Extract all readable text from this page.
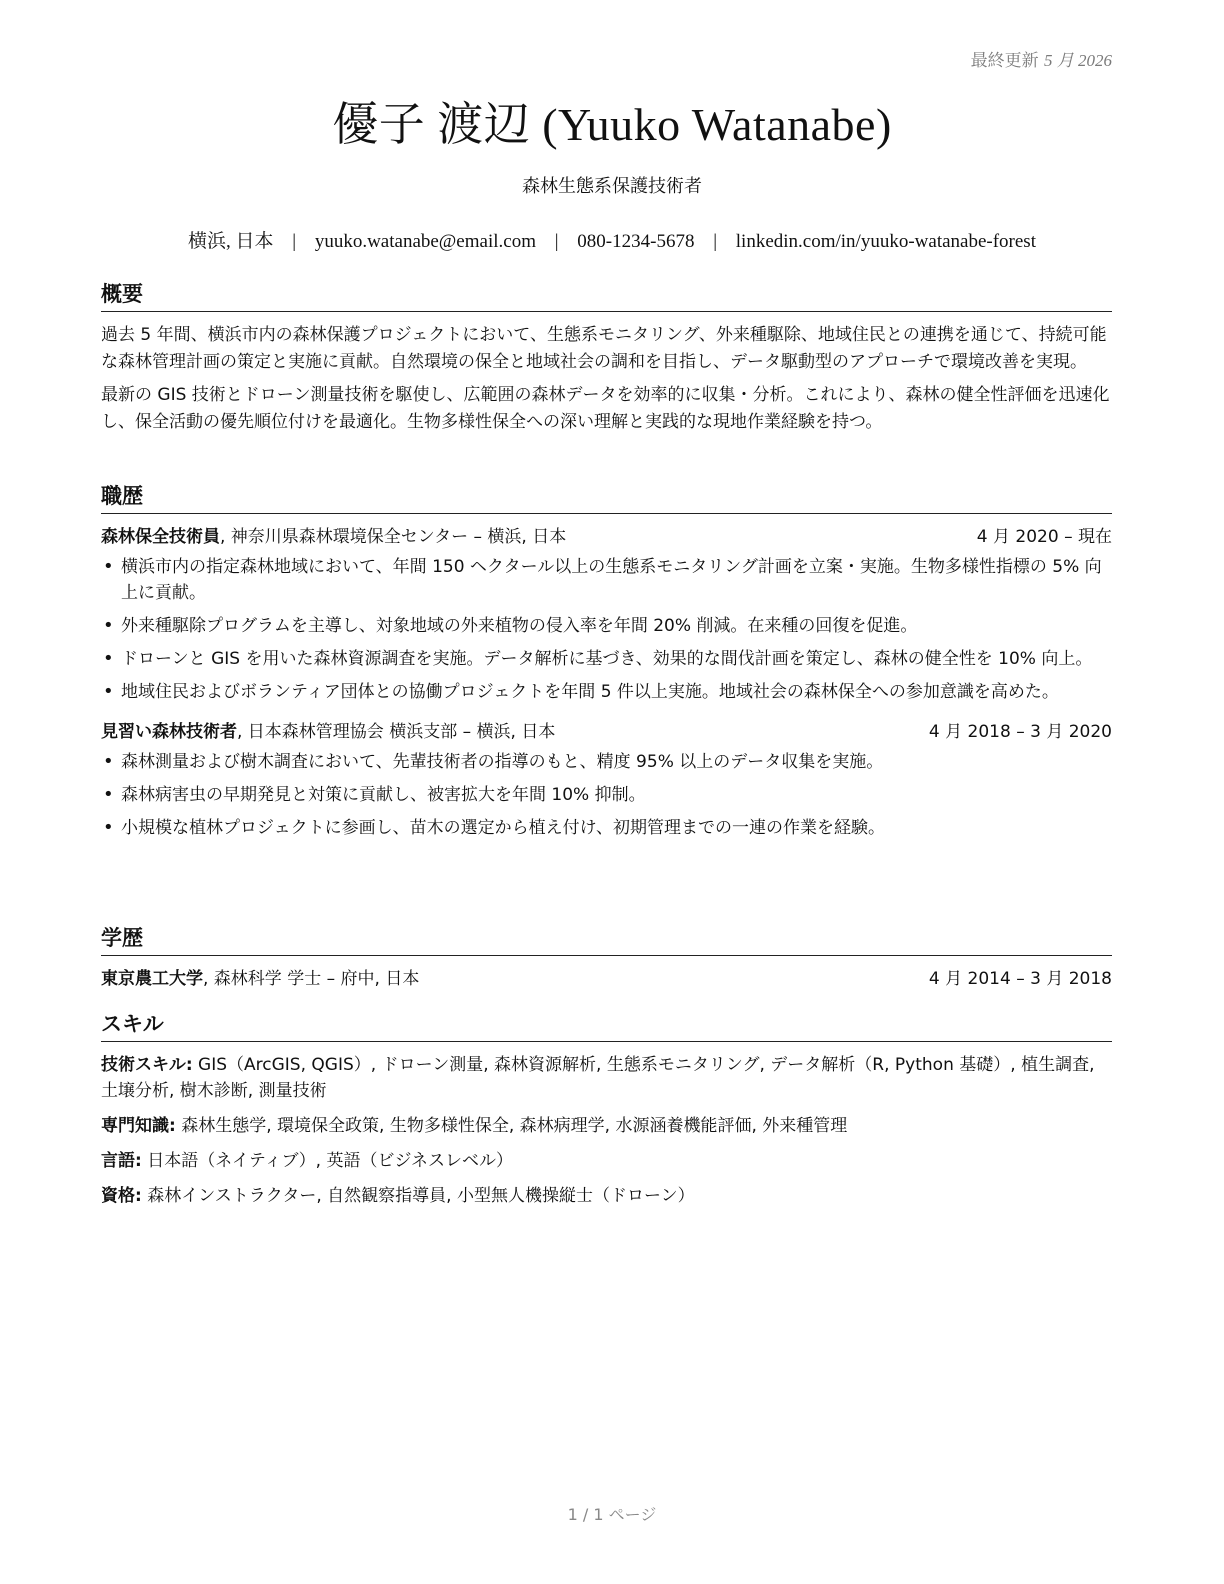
最終更新 5 月 2026
優子 渡辺 (Yuuko Watanabe)
森林生態系保護技術者
横浜, 日本 | yuuko.watanabe@email.com | 080-1234-5678 | linkedin.com/in/yuuko-watanabe-forest
概要

過去 5 年間、横浜市内の森林保護プロジェクトにおいて、生態系モニタリング、外来種駆除、地域住民との連携を通じて、持続可能な森林管理計画の策定と実施に貢献。自然環境の保全と地域社会の調和を目指し、データ駆動型のアプローチで環境改善を実現。

最新の GIS 技術とドローン測量技術を駆使し、広範囲の森林データを効率的に収集・分析。これにより、森林の健全性評価を迅速化し、保全活動の優先順位付けを最適化。生物多様性保全への深い理解と実践的な現地作業経験を持つ。

職歴
森林保全技術員, 神奈川県森林環境保全センター – 横浜, 日本	4 月 2020 – 現在
• 横浜市内の指定森林地域において、年間 150 ヘクタール以上の生態系モニタリング計画を立案・実施。生物多様性指標の 5% 向上に貢献。
• 外来種駆除プログラムを主導し、対象地域の外来植物の侵入率を年間 20% 削減。在来種の回復を促進。
• ドローンと GIS を用いた森林資源調査を実施。データ解析に基づき、効果的な間伐計画を策定し、森林の健全性を 10% 向上。
• 地域住民およびボランティア団体との協働プロジェクトを年間 5 件以上実施。地域社会の森林保全への参加意識を高めた。
見習い森林技術者, 日本森林管理協会 横浜支部 – 横浜, 日本	4 月 2018 – 3 月 2020
• 森林測量および樹木調査において、先輩技術者の指導のもと、精度 95% 以上のデータ収集を実施。
• 森林病害虫の早期発見と対策に貢献し、被害拡大を年間 10% 抑制。
• 小規模な植林プロジェクトに参画し、苗木の選定から植え付け、初期管理までの一連の作業を経験。
学歴
東京農工大学, 森林科学 学士 – 府中, 日本	4 月 2014 – 3 月 2018
スキル
技術スキル: GIS（ArcGIS, QGIS）, ドローン測量, 森林資源解析, 生態系モニタリング, データ解析（R, Python 基礎）, 植生調査, 土壌分析, 樹木診断, 測量技術
専門知識: 森林生態学, 環境保全政策, 生物多様性保全, 森林病理学, 水源涵養機能評価, 外来種管理
言語: 日本語（ネイティブ）, 英語（ビジネスレベル）
資格: 森林インストラクター, 自然観察指導員, 小型無人機操縦士（ドローン）
1 / 1 ページ
